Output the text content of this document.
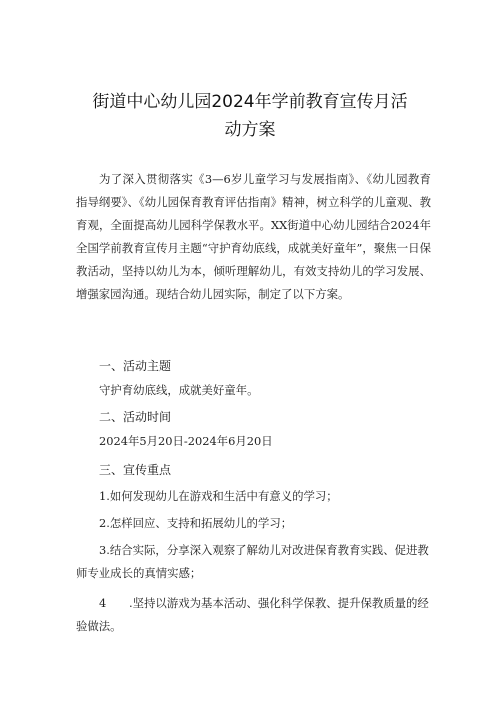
街道中心幼儿园2024年学前教育宣传月活
动方案
为了深入贯彻落实《3—6岁儿童学习与发展指南》、《幼儿园教育指导纲要》、《幼儿园保育教育评估指南》精神，树立科学的儿童观、教育观，全面提高幼儿园科学保教水平。XX街道中心幼儿园结合2024年全国学前教育宣传月主题“守护育幼底线，成就美好童年”，聚焦一日保教活动，坚持以幼儿为本，倾听理解幼儿，有效支持幼儿的学习发展、增强家园沟通。现结合幼儿园实际，制定了以下方案。
一、活动主题
守护育幼底线，成就美好童年。
二、活动时间
2024年5月20日-2024年6月20日
三、宣传重点
1.如何发现幼儿在游戏和生活中有意义的学习；
2.怎样回应、支持和拓展幼儿的学习；
3.结合实际，分享深入观察了解幼儿对改进保育教育实践、促进教师专业成长的真情实感；
4　　.坚持以游戏为基本活动、强化科学保教、提升保教质量的经验做法。
